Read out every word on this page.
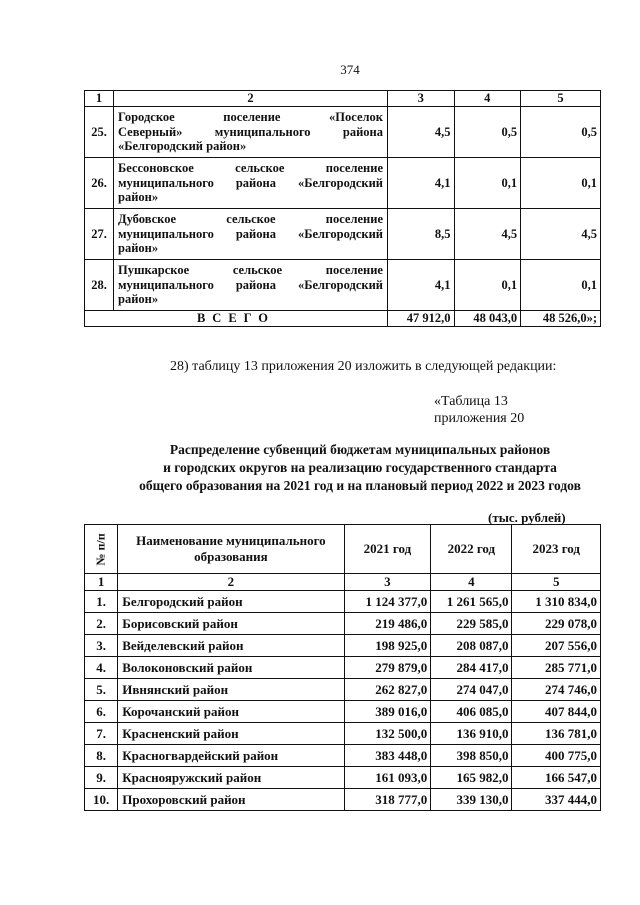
374
1	2	3	4	5
25.	Городское поселение «Поселок
Северный» муниципального района
«Белгородский район»	4,5	0,5	0,5
26.	Бессоновское сельское поселение
муниципального района «Белгородский
район»	4,1	0,1	0,1
27.	Дубовское сельское поселение
муниципального района «Белгородский
район»	8,5	4,5	4,5
28.	Пушкарское сельское поселение
муниципального района «Белгородский
район»	4,1	0,1	0,1
ВСЕГО		47 912,0	48 043,0	48 526,0»;
28) таблицу 13 приложения 20 изложить в следующей редакции:
«Таблица 13
приложения 20
Распределение субвенций бюджетам муниципальных районов
и городских округов на реализацию государственного стандарта
общего образования на 2021 год и на плановый период 2022 и 2023 годов
(тыс. рублей)
№ п/п	Наименование муниципального
образования	2021 год	2022 год	2023 год
1	2	3	4	5
1.	Белгородский район	1 124 377,0	1 261 565,0	1 310 834,0
2.	Борисовский район	219 486,0	229 585,0	229 078,0
3.	Вейделевский район	198 925,0	208 087,0	207 556,0
4.	Волоконовский район	279 879,0	284 417,0	285 771,0
5.	Ивнянский район	262 827,0	274 047,0	274 746,0
6.	Корочанский район	389 016,0	406 085,0	407 844,0
7.	Красненский район	132 500,0	136 910,0	136 781,0
8.	Красногвардейский район	383 448,0	398 850,0	400 775,0
9.	Краснояружский район	161 093,0	165 982,0	166 547,0
10.	Прохоровский район	318 777,0	339 130,0	337 444,0
